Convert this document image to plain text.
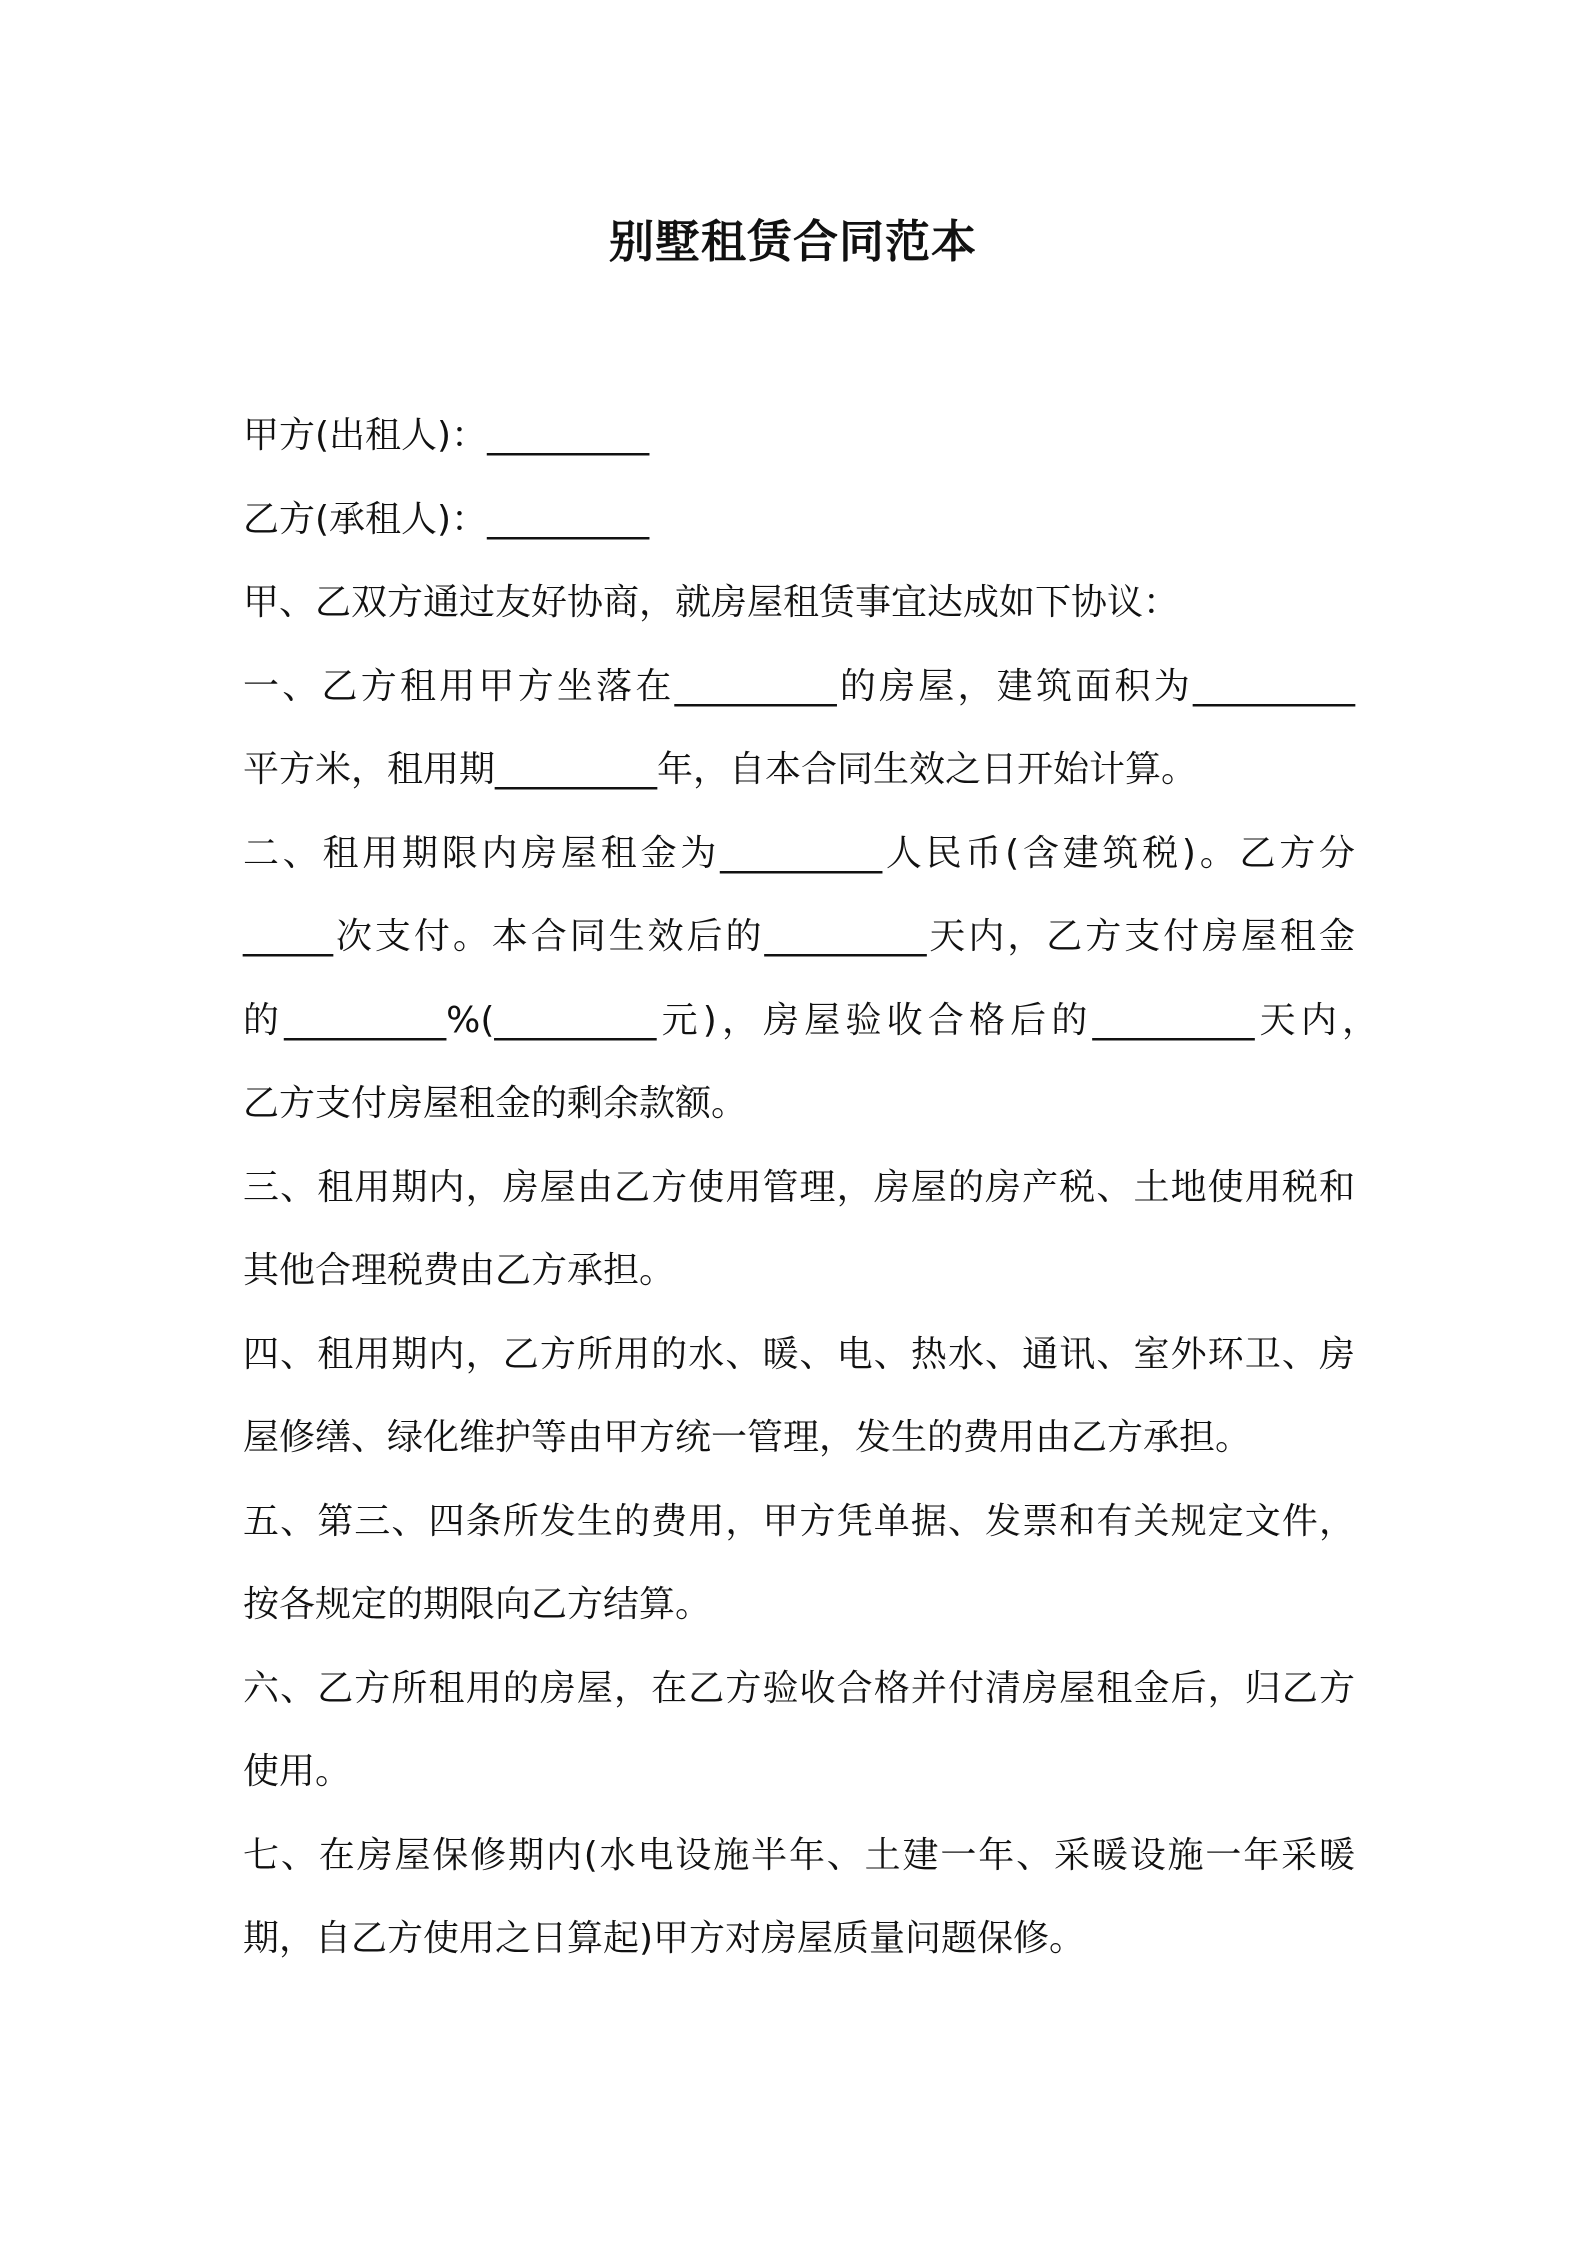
别墅租赁合同范本
甲方(出租人)：_________
乙方(承租人)：_________
甲、乙双方通过友好协商，就房屋租赁事宜达成如下协议：
一、乙方租用甲方坐落在_________的房屋，建筑面积为_________
平方米，租用期_________年，自本合同生效之日开始计算。
二、租用期限内房屋租金为_________人民币(含建筑税)。乙方分
_____次支付。本合同生效后的_________天内，乙方支付房屋租金
的_________%(_________元)，房屋验收合格后的_________天内，
乙方支付房屋租金的剩余款额。
三、租用期内，房屋由乙方使用管理，房屋的房产税、土地使用税和
其他合理税费由乙方承担。
四、租用期内，乙方所用的水、暖、电、热水、通讯、室外环卫、房
屋修缮、绿化维护等由甲方统一管理，发生的费用由乙方承担。
五、第三、四条所发生的费用，甲方凭单据、发票和有关规定文件，
按各规定的期限向乙方结算。
六、乙方所租用的房屋，在乙方验收合格并付清房屋租金后，归乙方
使用。
七、在房屋保修期内(水电设施半年、土建一年、采暖设施一年采暖
期，自乙方使用之日算起)甲方对房屋质量问题保修。
